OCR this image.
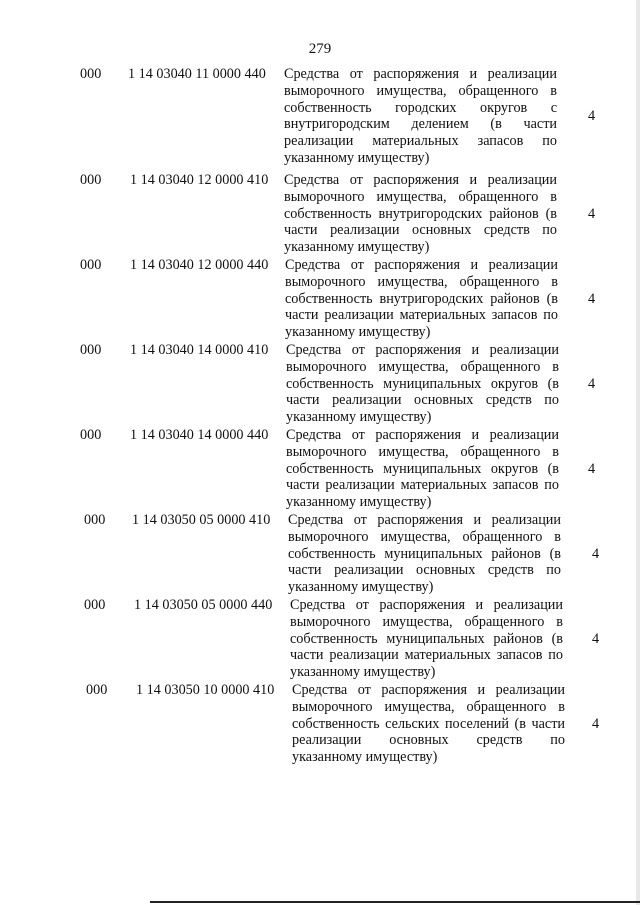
279
000 1 14 03040 11 0000 440 Средства от распоряжения и реализации
выморочного имущества, обращенного в
собственность городских округов с
внутригородским делением (в части
реализации материальных запасов по
указанному имуществу)
4
000 1 14 03040 12 0000 410 Средства от распоряжения и реализации
выморочного имущества, обращенного в
собственность внутригородских районов (в
части реализации основных средств по
указанному имуществу)
4
000 1 14 03040 12 0000 440 Средства от распоряжения и реализации
выморочного имущества, обращенного в
собственность внутригородских районов (в
части реализации материальных запасов по
указанному имуществу)
4
000 1 14 03040 14 0000 410 Средства от распоряжения и реализации
выморочного имущества, обращенного в
собственность муниципальных округов (в
части реализации основных средств по
указанному имуществу)
4
000 1 14 03040 14 0000 440 Средства от распоряжения и реализации
выморочного имущества, обращенного в
собственность муниципальных округов (в
части реализации материальных запасов по
указанному имуществу)
4
000 1 14 03050 05 0000 410 Средства от распоряжения и реализации
выморочного имущества, обращенного в
собственность муниципальных районов (в
части реализации основных средств по
указанному имуществу)
4
000 1 14 03050 05 0000 440 Средства от распоряжения и реализации
выморочного имущества, обращенного в
собственность муниципальных районов (в
части реализации материальных запасов по
указанному имуществу)
4
000 1 14 03050 10 0000 410 Средства от распоряжения и реализации
выморочного имущества, обращенного в
собственность сельских поселений (в части
реализации основных средств по
указанному имуществу)
4
